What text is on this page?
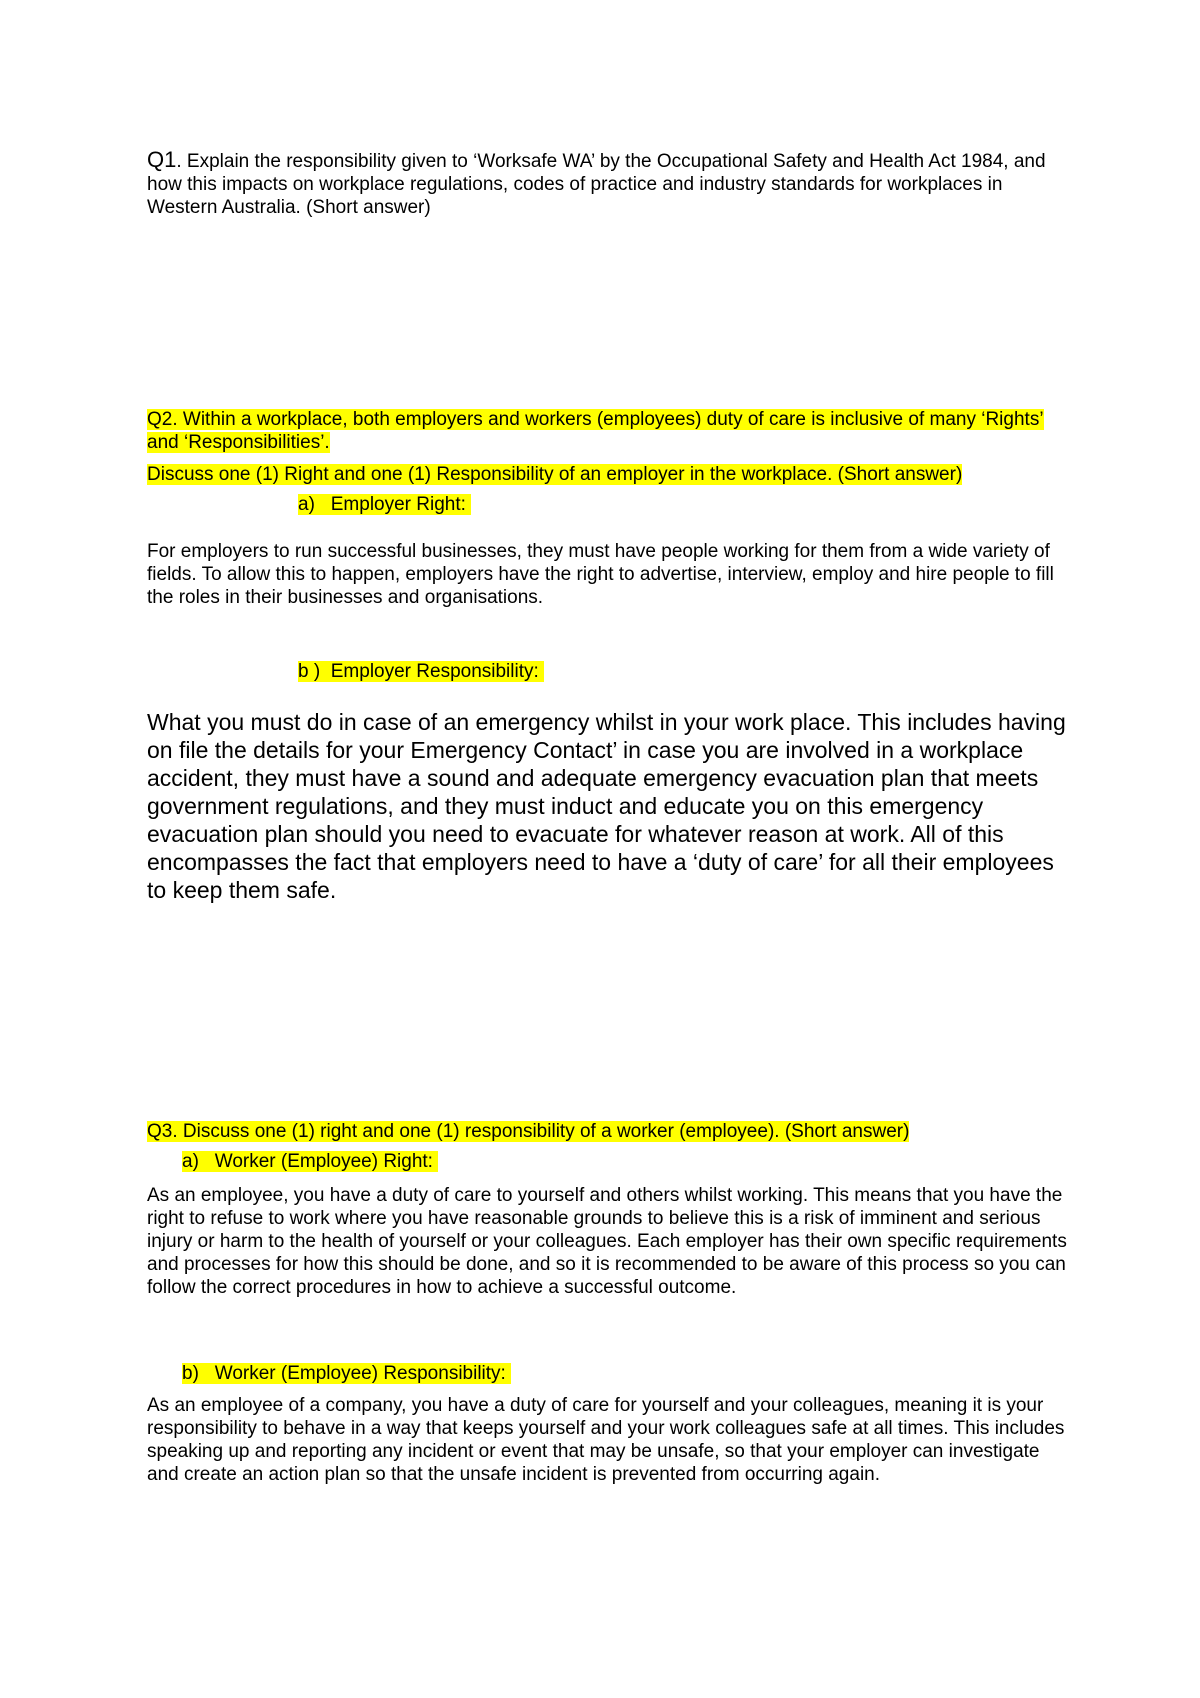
Q1. Explain the responsibility given to ‘Worksafe WA’ by the Occupational Safety and Health Act 1984, and how this impacts on workplace regulations, codes of practice and industry standards for workplaces in Western Australia. (Short answer)

Q2. Within a workplace, both employers and workers (employees) duty of care is inclusive of many ‘Rights’ and ‘Responsibilities’.

Discuss one (1) Right and one (1) Responsibility of an employer in the workplace. (Short answer)

a) Employer Right:

For employers to run successful businesses, they must have people working for them from a wide variety of fields. To allow this to happen, employers have the right to advertise, interview, employ and hire people to fill the roles in their businesses and organisations.

b ) Employer Responsibility:

What you must do in case of an emergency whilst in your work place. This includes having on file the details for your Emergency Contact’ in case you are involved in a workplace accident, they must have a sound and adequate emergency evacuation plan that meets government regulations, and they must induct and educate you on this emergency evacuation plan should you need to evacuate for whatever reason at work. All of this encompasses the fact that employers need to have a ‘duty of care’ for all their employees to keep them safe.

Q3. Discuss one (1) right and one (1) responsibility of a worker (employee). (Short answer)

a) Worker (Employee) Right:

As an employee, you have a duty of care to yourself and others whilst working. This means that you have the right to refuse to work where you have reasonable grounds to believe this is a risk of imminent and serious injury or harm to the health of yourself or your colleagues. Each employer has their own specific requirements and processes for how this should be done, and so it is recommended to be aware of this process so you can follow the correct procedures in how to achieve a successful outcome.

b) Worker (Employee) Responsibility:

As an employee of a company, you have a duty of care for yourself and your colleagues, meaning it is your responsibility to behave in a way that keeps yourself and your work colleagues safe at all times. This includes speaking up and reporting any incident or event that may be unsafe, so that your employer can investigate and create an action plan so that the unsafe incident is prevented from occurring again.
